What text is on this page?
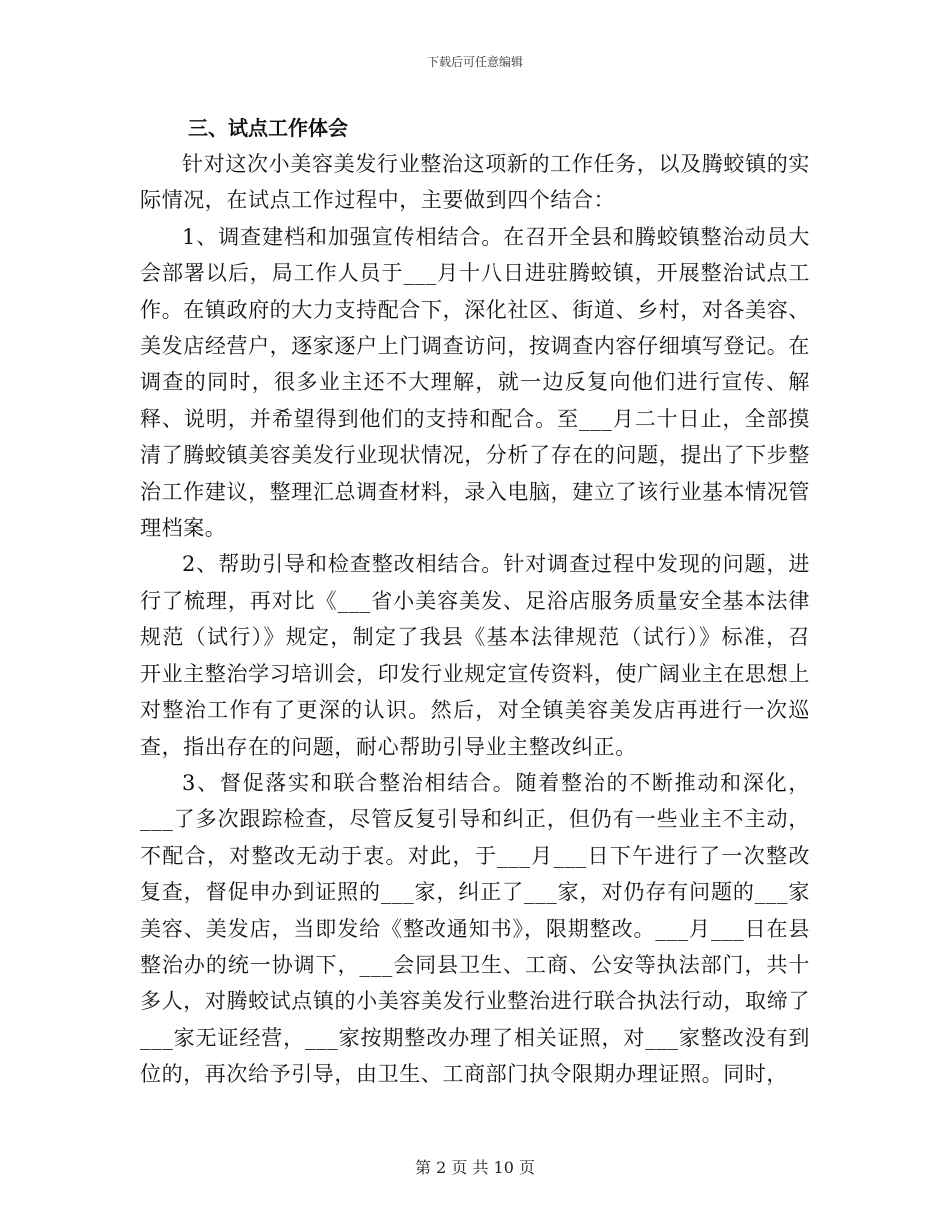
下载后可任意编辑
三、试点工作体会

针对这次小美容美发行业整治这项新的工作任务，以及腾蛟镇的实际情况，在试点工作过程中，主要做到四个结合：

1、调查建档和加强宣传相结合。在召开全县和腾蛟镇整治动员大会部署以后，局工作人员于___月十八日进驻腾蛟镇，开展整治试点工作。在镇政府的大力支持配合下，深化社区、街道、乡村，对各美容、美发店经营户，逐家逐户上门调查访问，按调查内容仔细填写登记。在调查的同时，很多业主还不大理解，就一边反复向他们进行宣传、解释、说明，并希望得到他们的支持和配合。至___月二十日止，全部摸清了腾蛟镇美容美发行业现状情况，分析了存在的问题，提出了下步整治工作建议，整理汇总调查材料，录入电脑，建立了该行业基本情况管理档案。

2、帮助引导和检查整改相结合。针对调查过程中发现的问题，进行了梳理，再对比《___省小美容美发、足浴店服务质量安全基本法律规范（试行）》规定，制定了我县《基本法律规范（试行）》标准，召开业主整治学习培训会，印发行业规定宣传资料，使广阔业主在思想上对整治工作有了更深的认识。然后，对全镇美容美发店再进行一次巡查，指出存在的问题，耐心帮助引导业主整改纠正。

3、督促落实和联合整治相结合。随着整治的不断推动和深化，___了多次跟踪检查，尽管反复引导和纠正，但仍有一些业主不主动，不配合，对整改无动于衷。对此，于___月___日下午进行了一次整改复查，督促申办到证照的___家，纠正了___家，对仍存有问题的___家美容、美发店，当即发给《整改通知书》，限期整改。___月___日在县整治办的统一协调下，___会同县卫生、工商、公安等执法部门，共十多人，对腾蛟试点镇的小美容美发行业整治进行联合执法行动，取缔了___家无证经营，___家按期整改办理了相关证照，对___家整改没有到位的，再次给予引导，由卫生、工商部门执令限期办理证照。同时，

第 2 页 共 10 页
